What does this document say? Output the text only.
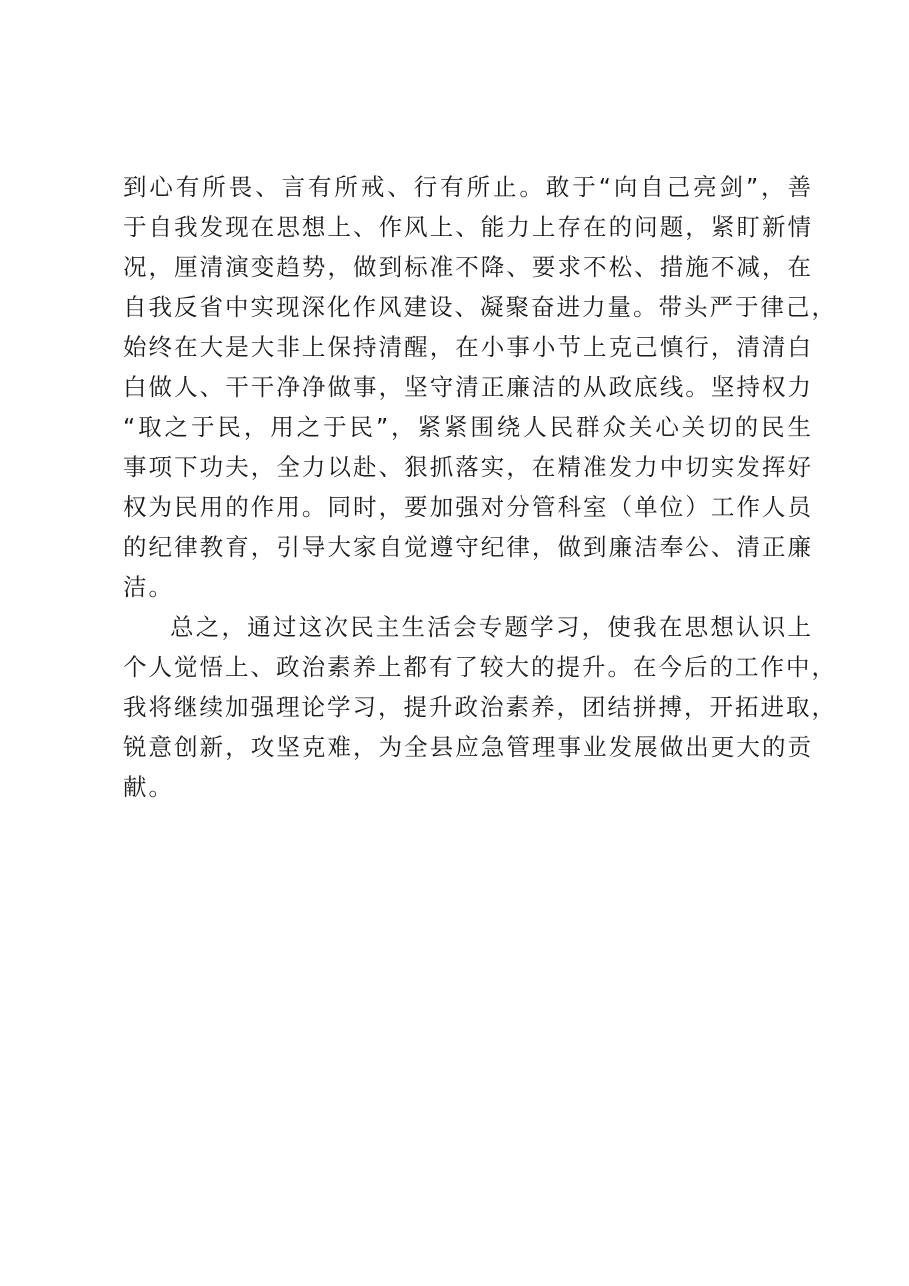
到心有所畏、言有所戒、行有所止。敢于“向自己亮剑”，善
于自我发现在思想上、作风上、能力上存在的问题，紧盯新情
况，厘清演变趋势，做到标准不降、要求不松、措施不减，在
自我反省中实现深化作风建设、凝聚奋进力量。带头严于律己，
始终在大是大非上保持清醒，在小事小节上克己慎行，清清白
白做人、干干净净做事，坚守清正廉洁的从政底线。坚持权力
“取之于民，用之于民”，紧紧围绕人民群众关心关切的民生
事项下功夫，全力以赴、狠抓落实，在精准发力中切实发挥好
权为民用的作用。同时，要加强对分管科室（单位）工作人员
的纪律教育，引导大家自觉遵守纪律，做到廉洁奉公、清正廉
洁。
总之，通过这次民主生活会专题学习，使我在思想认识上
个人觉悟上、政治素养上都有了较大的提升。在今后的工作中，
我将继续加强理论学习，提升政治素养，团结拼搏，开拓进取，
锐意创新，攻坚克难，为全县应急管理事业发展做出更大的贡
献。
